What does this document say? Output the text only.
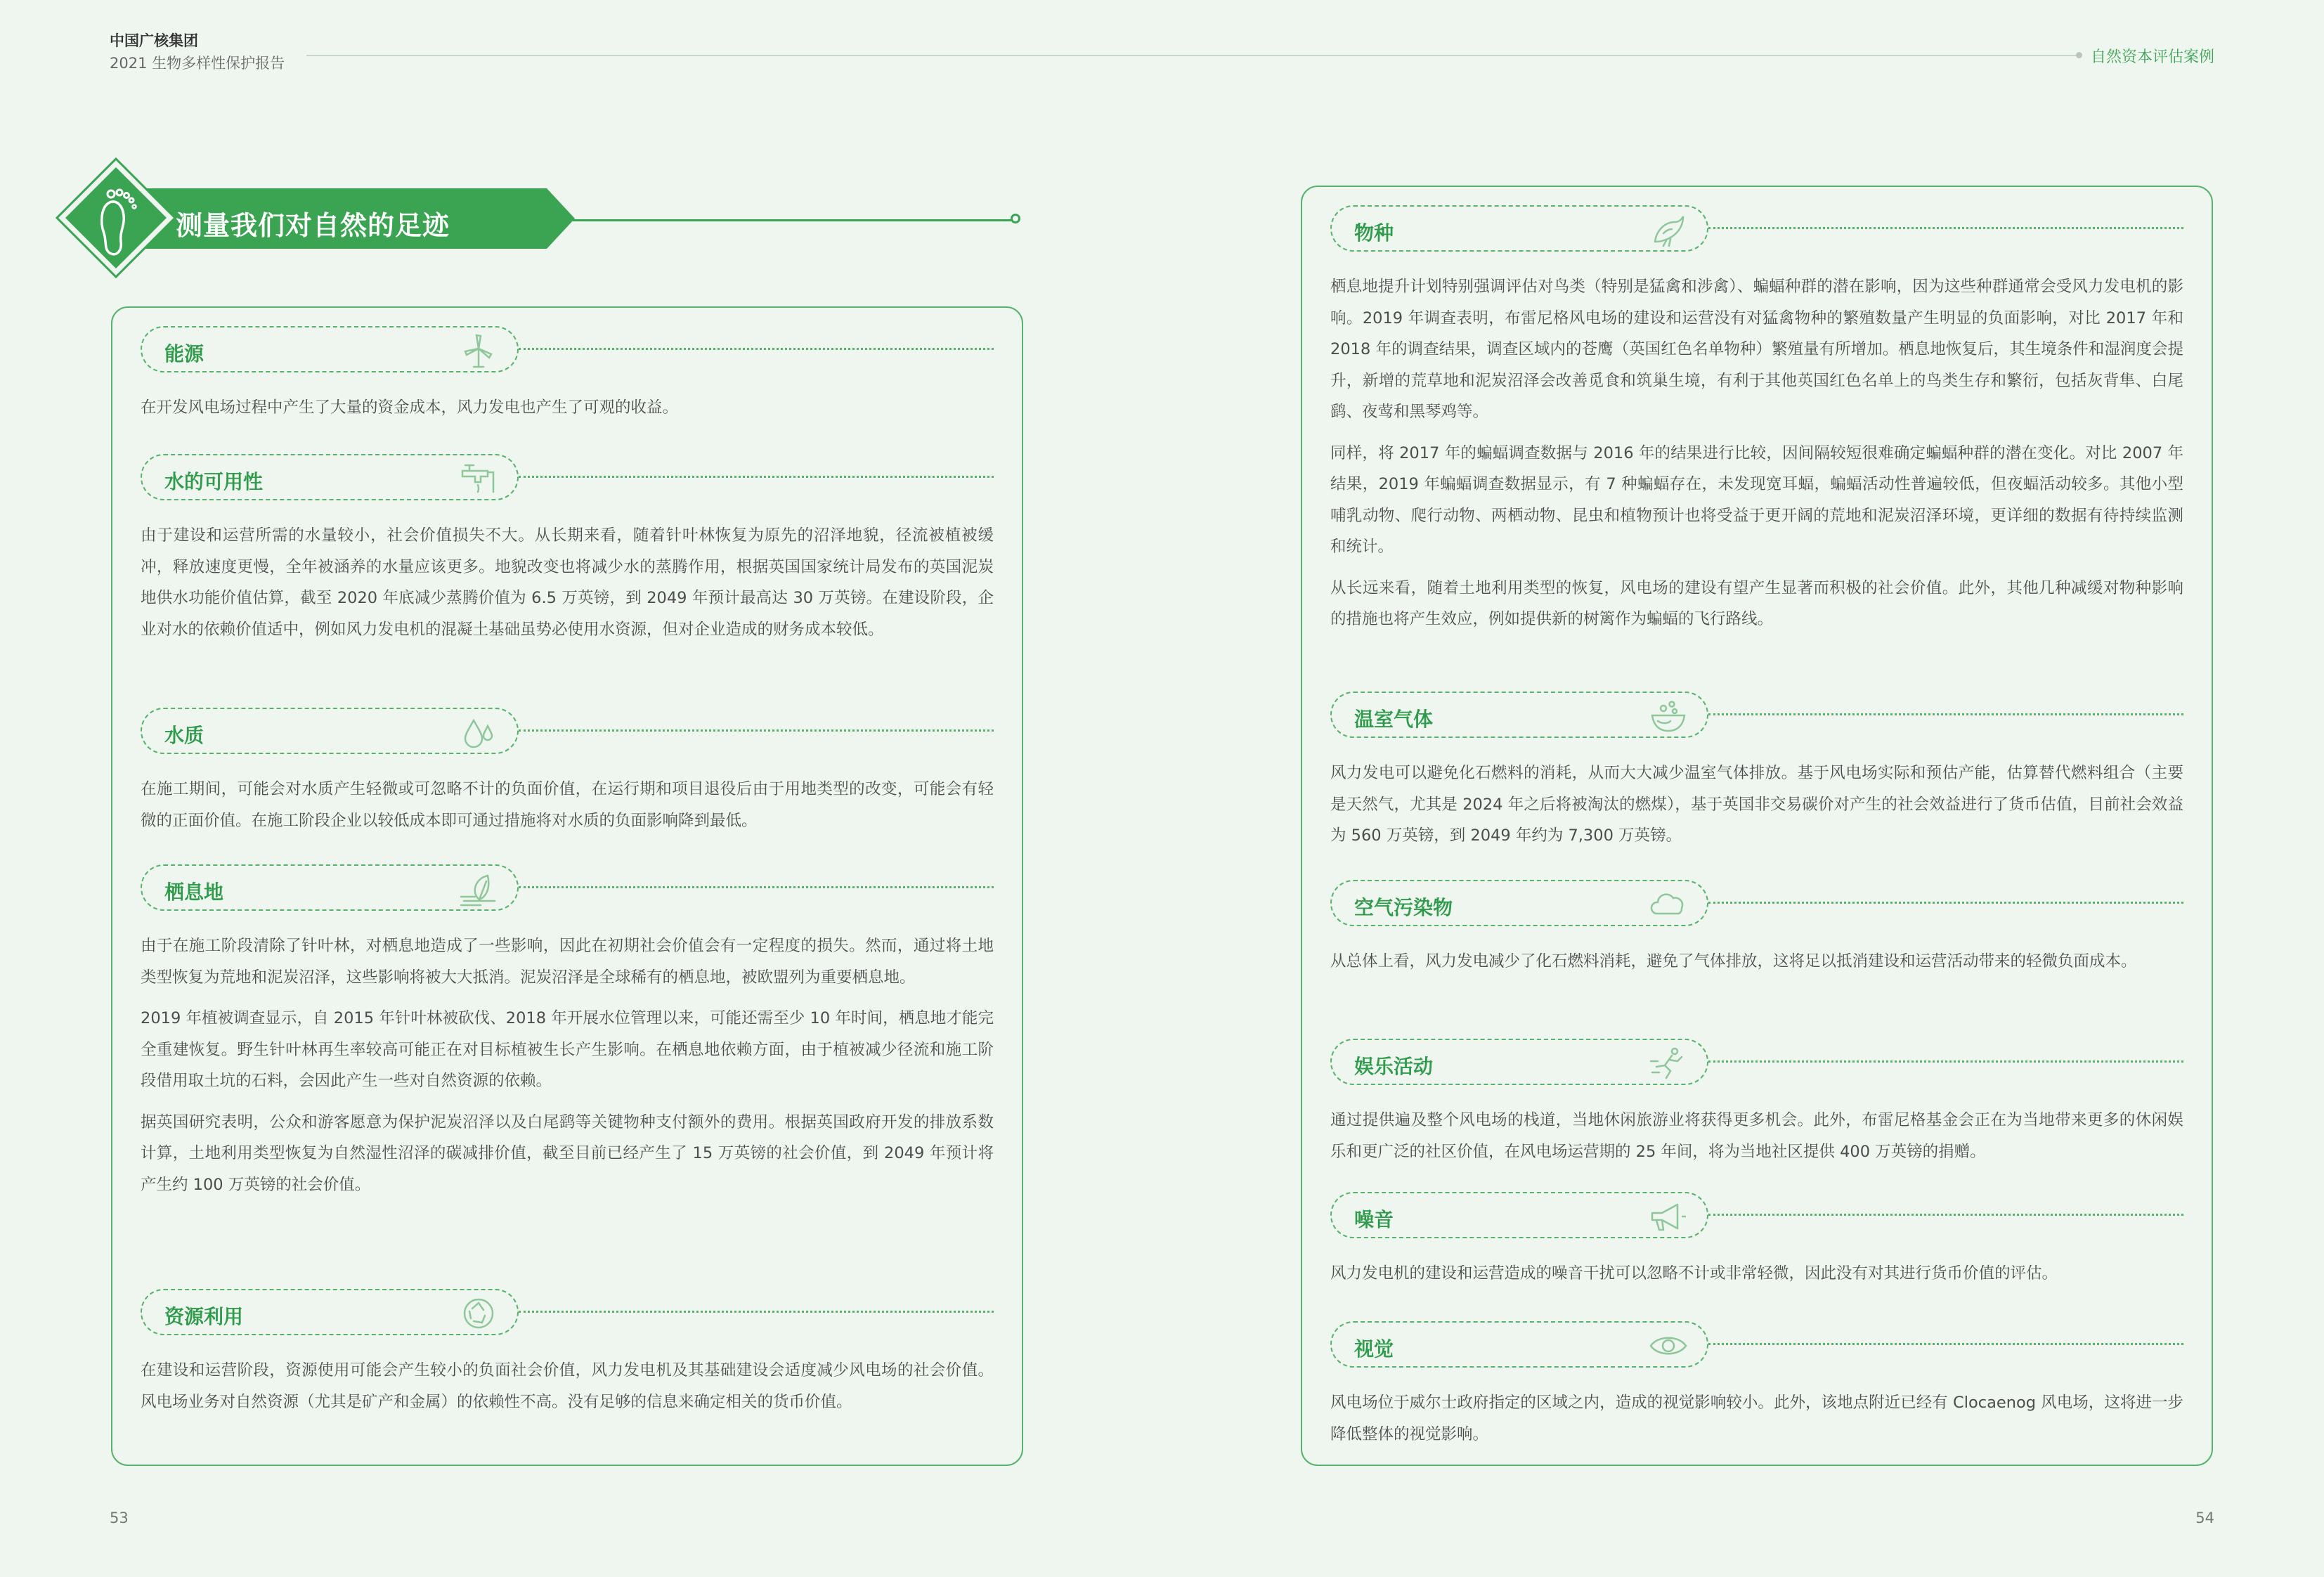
中国广核集团
2021 生物多样性保护报告	自然资本评估案例
测量我们对自然的足迹
能源

在开发风电场过程中产生了大量的资金成本，风力发电也产生了可观的收益。

水的可用性

由于建设和运营所需的水量较小，社会价值损失不大。从长期来看，随着针叶林恢复为原先的沼泽地貌，径流被植被缓冲，释放速度更慢，全年被涵养的水量应该更多。地貌改变也将减少水的蒸腾作用，根据英国国家统计局发布的英国泥炭地供水功能价值估算，截至 2020 年底减少蒸腾价值为 6.5 万英镑，到 2049 年预计最高达 30 万英镑。在建设阶段，企业对水的依赖价值适中，例如风力发电机的混凝土基础虽势必使用水资源，但对企业造成的财务成本较低。

水质

在施工期间，可能会对水质产生轻微或可忽略不计的负面价值，在运行期和项目退役后由于用地类型的改变，可能会有轻微的正面价值。在施工阶段企业以较低成本即可通过措施将对水质的负面影响降到最低。

栖息地

由于在施工阶段清除了针叶林，对栖息地造成了一些影响，因此在初期社会价值会有一定程度的损失。然而，通过将土地类型恢复为荒地和泥炭沼泽，这些影响将被大大抵消。泥炭沼泽是全球稀有的栖息地，被欧盟列为重要栖息地。

2019 年植被调查显示，自 2015 年针叶林被砍伐、2018 年开展水位管理以来，可能还需至少 10 年时间，栖息地才能完全重建恢复。野生针叶林再生率较高可能正在对目标植被生长产生影响。在栖息地依赖方面，由于植被减少径流和施工阶段借用取土坑的石料，会因此产生一些对自然资源的依赖。

据英国研究表明，公众和游客愿意为保护泥炭沼泽以及白尾鹞等关键物种支付额外的费用。根据英国政府开发的排放系数计算，土地利用类型恢复为自然湿性沼泽的碳减排价值，截至目前已经产生了 15 万英镑的社会价值，到 2049 年预计将产生约 100 万英镑的社会价值。

资源利用

在建设和运营阶段，资源使用可能会产生较小的负面社会价值，风力发电机及其基础建设会适度减少风电场的社会价值。风电场业务对自然资源（尤其是矿产和金属）的依赖性不高。没有足够的信息来确定相关的货币价值。

物种

栖息地提升计划特别强调评估对鸟类（特别是猛禽和涉禽）、蝙蝠种群的潜在影响，因为这些种群通常会受风力发电机的影响。2019 年调查表明，布雷尼格风电场的建设和运营没有对猛禽物种的繁殖数量产生明显的负面影响，对比 2017 年和 2018 年的调查结果，调查区域内的苍鹰（英国红色名单物种）繁殖量有所增加。栖息地恢复后，其生境条件和湿润度会提升，新增的荒草地和泥炭沼泽会改善觅食和筑巢生境，有利于其他英国红色名单上的鸟类生存和繁衍，包括灰背隼、白尾鹞、夜莺和黑琴鸡等。

同样，将 2017 年的蝙蝠调查数据与 2016 年的结果进行比较，因间隔较短很难确定蝙蝠种群的潜在变化。对比 2007 年结果，2019 年蝙蝠调查数据显示，有 7 种蝙蝠存在，未发现宽耳蝠，蝙蝠活动性普遍较低，但夜蝠活动较多。其他小型哺乳动物、爬行动物、两栖动物、昆虫和植物预计也将受益于更开阔的荒地和泥炭沼泽环境，更详细的数据有待持续监测和统计。

从长远来看，随着土地利用类型的恢复，风电场的建设有望产生显著而积极的社会价值。此外，其他几种减缓对物种影响的措施也将产生效应，例如提供新的树篱作为蝙蝠的飞行路线。

温室气体

风力发电可以避免化石燃料的消耗，从而大大减少温室气体排放。基于风电场实际和预估产能，估算替代燃料组合（主要是天然气，尤其是 2024 年之后将被淘汰的燃煤），基于英国非交易碳价对产生的社会效益进行了货币估值，目前社会效益为 560 万英镑，到 2049 年约为 7,300 万英镑。

空气污染物

从总体上看，风力发电减少了化石燃料消耗，避免了气体排放，这将足以抵消建设和运营活动带来的轻微负面成本。

娱乐活动

通过提供遍及整个风电场的栈道，当地休闲旅游业将获得更多机会。此外，布雷尼格基金会正在为当地带来更多的休闲娱乐和更广泛的社区价值，在风电场运营期的 25 年间，将为当地社区提供 400 万英镑的捐赠。

噪音

风力发电机的建设和运营造成的噪音干扰可以忽略不计或非常轻微，因此没有对其进行货币价值的评估。

视觉

风电场位于威尔士政府指定的区域之内，造成的视觉影响较小。此外，该地点附近已经有 Clocaenog 风电场，这将进一步降低整体的视觉影响。

53	54
